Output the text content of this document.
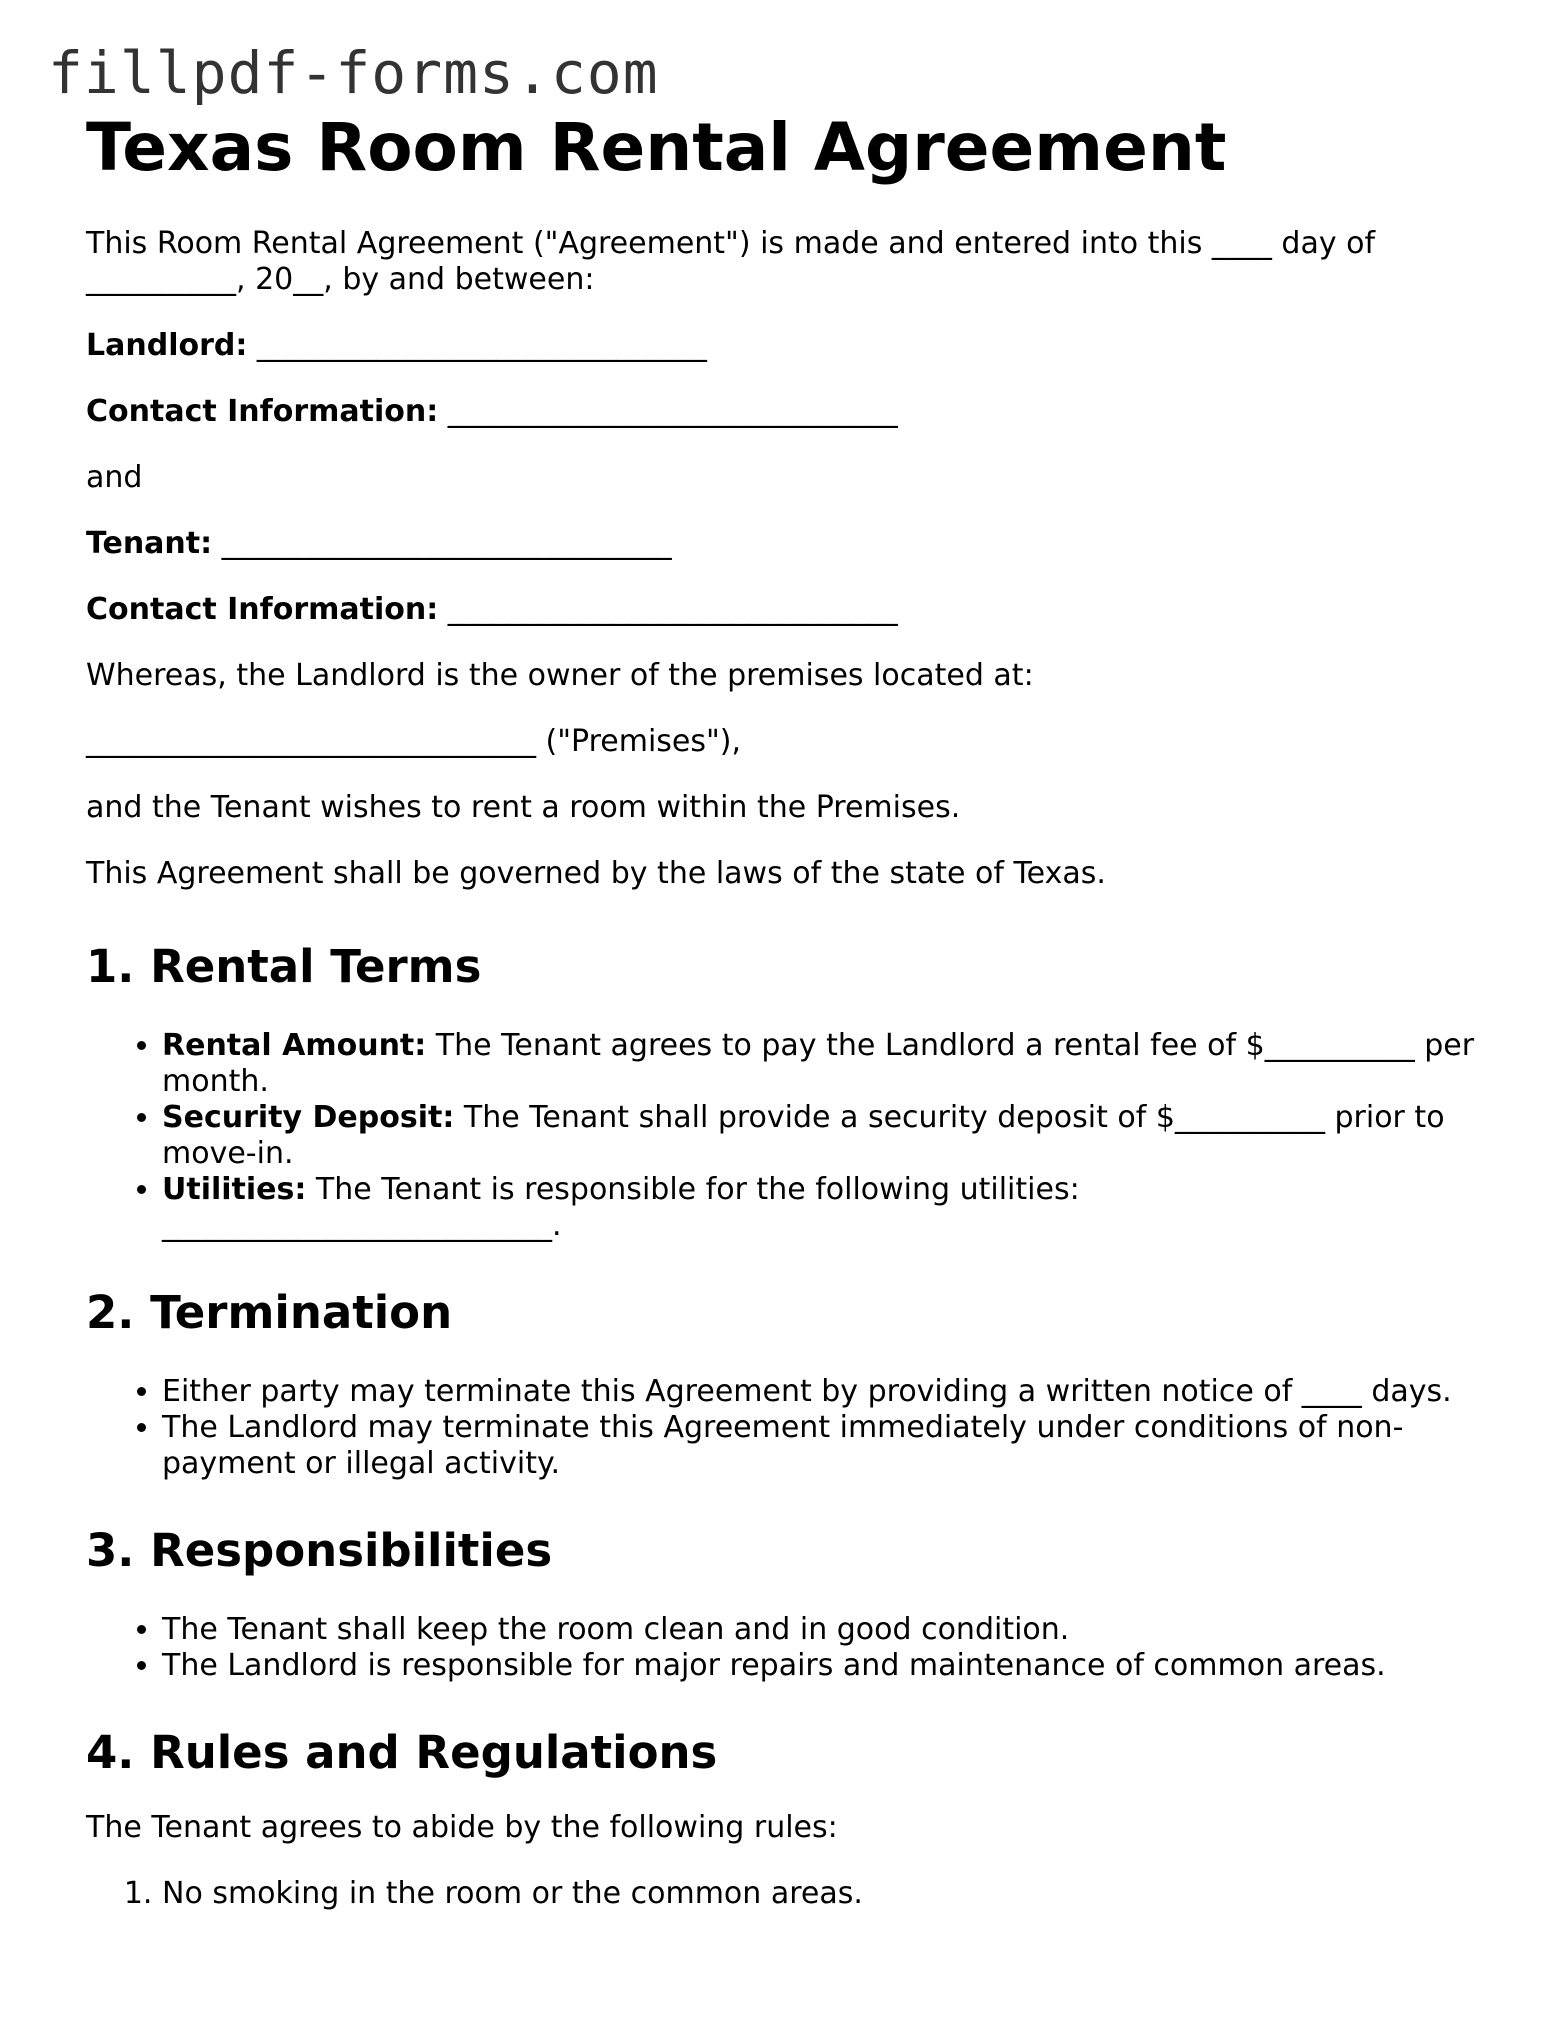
fillpdf-forms.com
Texas Room Rental Agreement

This Room Rental Agreement ("Agreement") is made and entered into this ____ day of __________, 20__, by and between:

Landlord: ______________________________

Contact Information: ______________________________

and

Tenant: ______________________________

Contact Information: ______________________________

Whereas, the Landlord is the owner of the premises located at:

______________________________ ("Premises"),

and the Tenant wishes to rent a room within the Premises.

This Agreement shall be governed by the laws of the state of Texas.

1. Rental Terms
• Rental Amount: The Tenant agrees to pay the Landlord a rental fee of $__________ per month.
• Security Deposit: The Tenant shall provide a security deposit of $__________ prior to move-in.
• Utilities: The Tenant is responsible for the following utilities: __________________________.
2. Termination
• Either party may terminate this Agreement by providing a written notice of ____ days.
• The Landlord may terminate this Agreement immediately under conditions of non-payment or illegal activity.
3. Responsibilities
• The Tenant shall keep the room clean and in good condition.
• The Landlord is responsible for major repairs and maintenance of common areas.
4. Rules and Regulations

The Tenant agrees to abide by the following rules:

1. No smoking in the room or the common areas.
